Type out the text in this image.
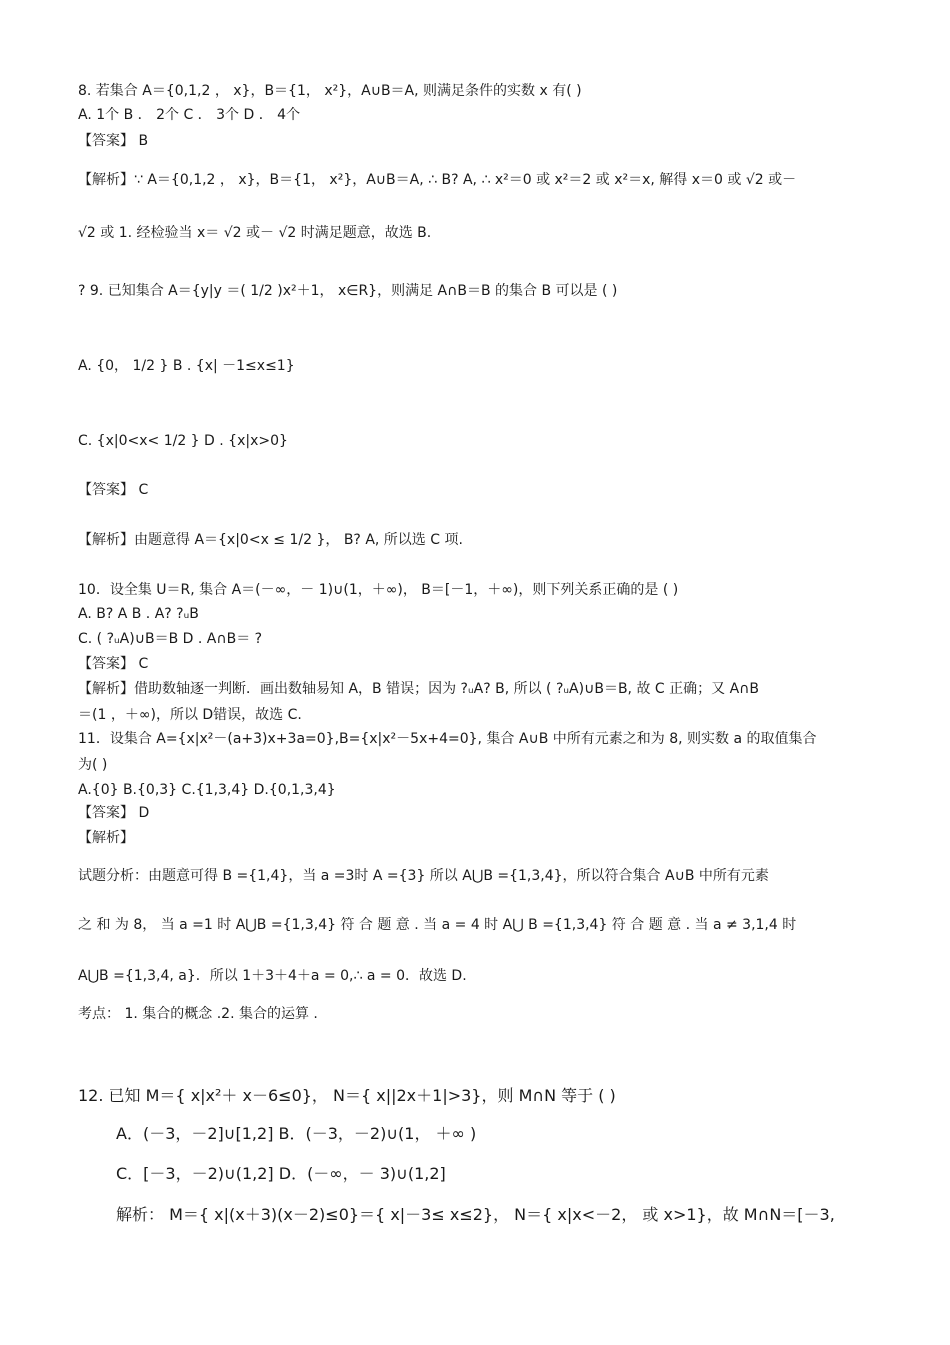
8. 若集合 A＝{0,1,2 ， x}，B＝{1， x²}，A∪B＝A, 则满足条件的实数 x 有( )
A. 1个 B ． 2个 C ． 3个 D ． 4个
【答案】 B
【解析】∵ A＝{0,1,2 ， x}，B＝{1， x²}，A∪B＝A, ∴ B? A, ∴ x²＝0 或 x²＝2 或 x²＝x, 解得 x＝0 或 √2 或－
√2 或 1. 经检验当 x＝ √2 或－ √2 时满足题意，故选 B.
? 9. 已知集合 A＝{y|y ＝( 1/2 )x²＋1， x∈R}，则满足 A∩B＝B 的集合 B 可以是 ( )
A. {0， 1/2 } B . {x| －1≤x≤1}
C. {x|0<x< 1/2 } D . {x|x>0}
【答案】 C
【解析】由题意得 A＝{x|0<x ≤ 1/2 }， B? A, 所以选 C 项.
10．设全集 U＝R, 集合 A＝(－∞，－ 1)∪(1，＋∞)， B＝[－1，＋∞)，则下列关系正确的是 ( )
A. B? A B . A? ?ᵤB
C. ( ?ᵤA)∪B＝B D . A∩B＝ ?
【答案】 C
【解析】借助数轴逐一判断．画出数轴易知 A，B 错误；因为 ?ᵤA? B, 所以 ( ?ᵤA)∪B＝B, 故 C 正确；又 A∩B
＝(1 ，＋∞)，所以 D错误，故选 C.
11．设集合 A={x|x²－(a+3)x+3a=0},B={x|x²－5x+4=0}, 集合 A∪B 中所有元素之和为 8, 则实数 a 的取值集合
为( )
A.{0} B.{0,3} C.{1,3,4} D.{0,1,3,4}
【答案】 D
【解析】
试题分析：由题意可得 B ={1,4}，当 a =3时 A ={3} 所以 A⋃B ={1,3,4}，所以符合集合 A∪B 中所有元素
之 和 为 8， 当 a =1 时 A⋃B ={1,3,4} 符 合 题 意 . 当 a = 4 时 A⋃ B ={1,3,4} 符 合 题 意 . 当 a ≠ 3,1,4 时
A⋃B ={1,3,4, a}．所以 1＋3＋4＋a = 0,∴ a = 0．故选 D.
考点： 1. 集合的概念 .2. 集合的运算 .
12. 已知 M＝{ x|x²＋ x－6≤0}， N＝{ x||2x＋1|>3}，则 M∩N 等于 ( )
A．(－3，－2]∪[1,2] B．(－3，－2)∪(1， ＋∞ )
C．[－3，－2)∪(1,2] D．(－∞，－ 3)∪(1,2]
解析： M＝{ x|(x＋3)(x－2)≤0}＝{ x|－3≤ x≤2}， N＝{ x|x<－2， 或 x>1}，故 M∩N＝[－3,
